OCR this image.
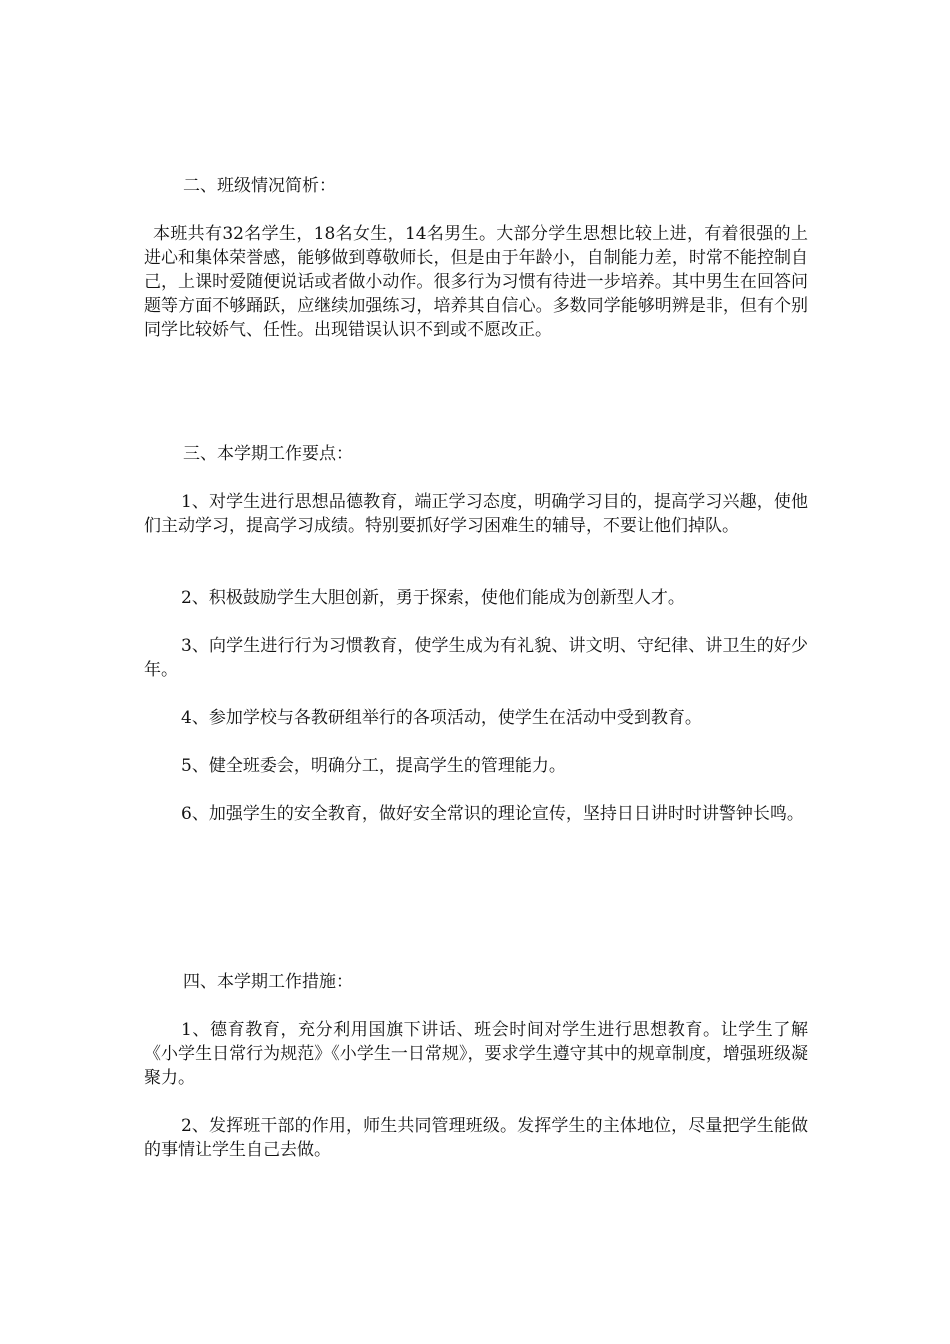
二、班级情况简析：

本班共有32名学生，18名女生，14名男生。大部分学生思想比较上进，有着很强的上进心和集体荣誉感，能够做到尊敬师长，但是由于年龄小，自制能力差，时常不能控制自己，上课时爱随便说话或者做小动作。很多行为习惯有待进一步培养。其中男生在回答问题等方面不够踊跃，应继续加强练习，培养其自信心。多数同学能够明辨是非，但有个别同学比较娇气、任性。出现错误认识不到或不愿改正。

三、本学期工作要点：

1、对学生进行思想品德教育，端正学习态度，明确学习目的，提高学习兴趣，使他们主动学习，提高学习成绩。特别要抓好学习困难生的辅导，不要让他们掉队。

2、积极鼓励学生大胆创新，勇于探索，使他们能成为创新型人才。

3、向学生进行行为习惯教育，使学生成为有礼貌、讲文明、守纪律、讲卫生的好少年。

4、参加学校与各教研组举行的各项活动，使学生在活动中受到教育。

5、健全班委会，明确分工，提高学生的管理能力。

6、加强学生的安全教育，做好安全常识的理论宣传，坚持日日讲时时讲警钟长鸣。

四、本学期工作措施：

1、德育教育，充分利用国旗下讲话、班会时间对学生进行思想教育。让学生了解《小学生日常行为规范》《小学生一日常规》，要求学生遵守其中的规章制度，增强班级凝聚力。

2、发挥班干部的作用，师生共同管理班级。发挥学生的主体地位，尽量把学生能做的事情让学生自己去做。
